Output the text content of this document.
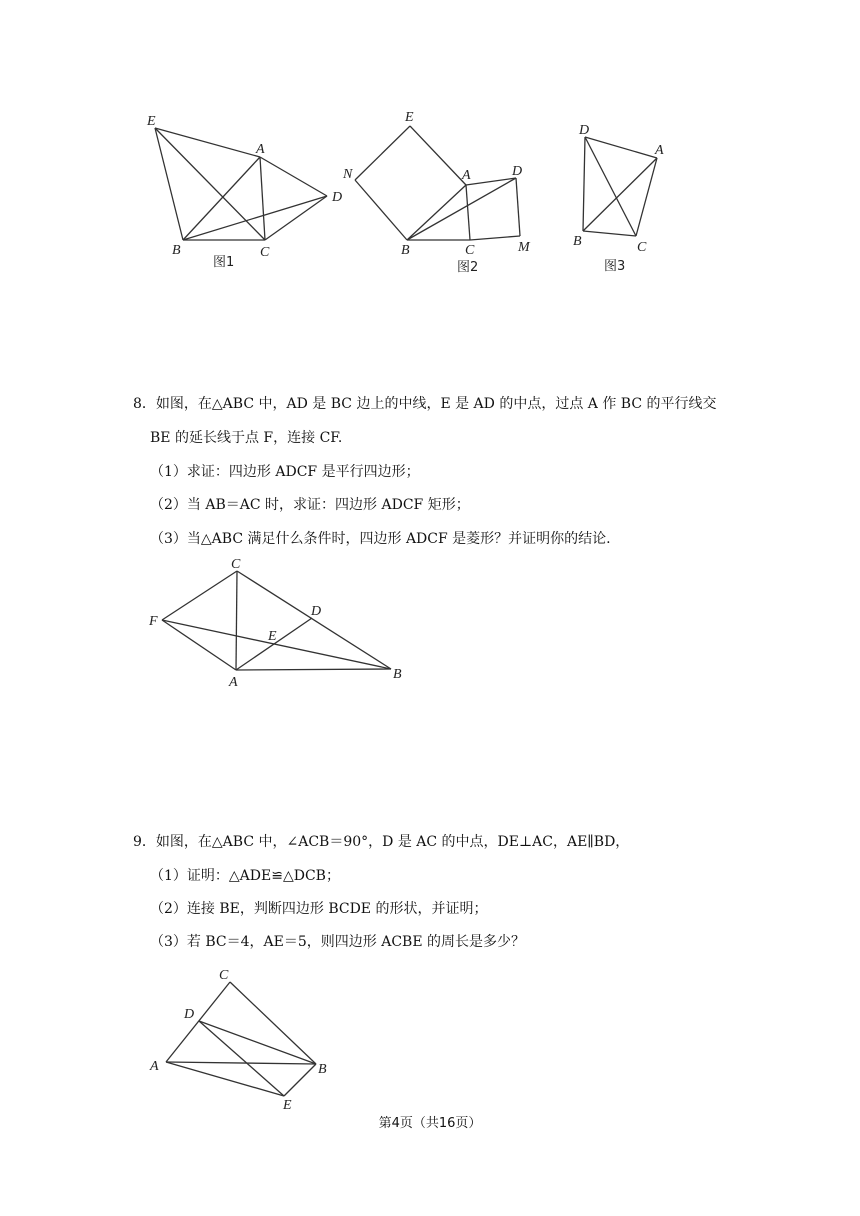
E
A
D
B	C
图1
E
N	A	D
B	C	M
图2
D
A
B	C
图3
8．如图，在△ABC 中，AD 是 BC 边上的中线，E 是 AD 的中点，过点 A 作 BC 的平行线交
BE 的延长线于点 F，连接 CF.
（1）求证：四边形 ADCF 是平行四边形；
（2）当 AB＝AC 时，求证：四边形 ADCF 矩形；
（3）当△ABC 满足什么条件时，四边形 ADCF 是菱形？并证明你的结论.
C
D
F
E
A
B
9．如图，在△ABC 中，∠ACB＝90°，D 是 AC 的中点，DE⊥AC，AE∥BD，
（1）证明：△ADE≌△DCB；
（2）连接 BE，判断四边形 BCDE 的形状，并证明；
（3）若 BC＝4，AE＝5，则四边形 ACBE 的周长是多少？
C
D
A	B
E
第4页（共16页）
